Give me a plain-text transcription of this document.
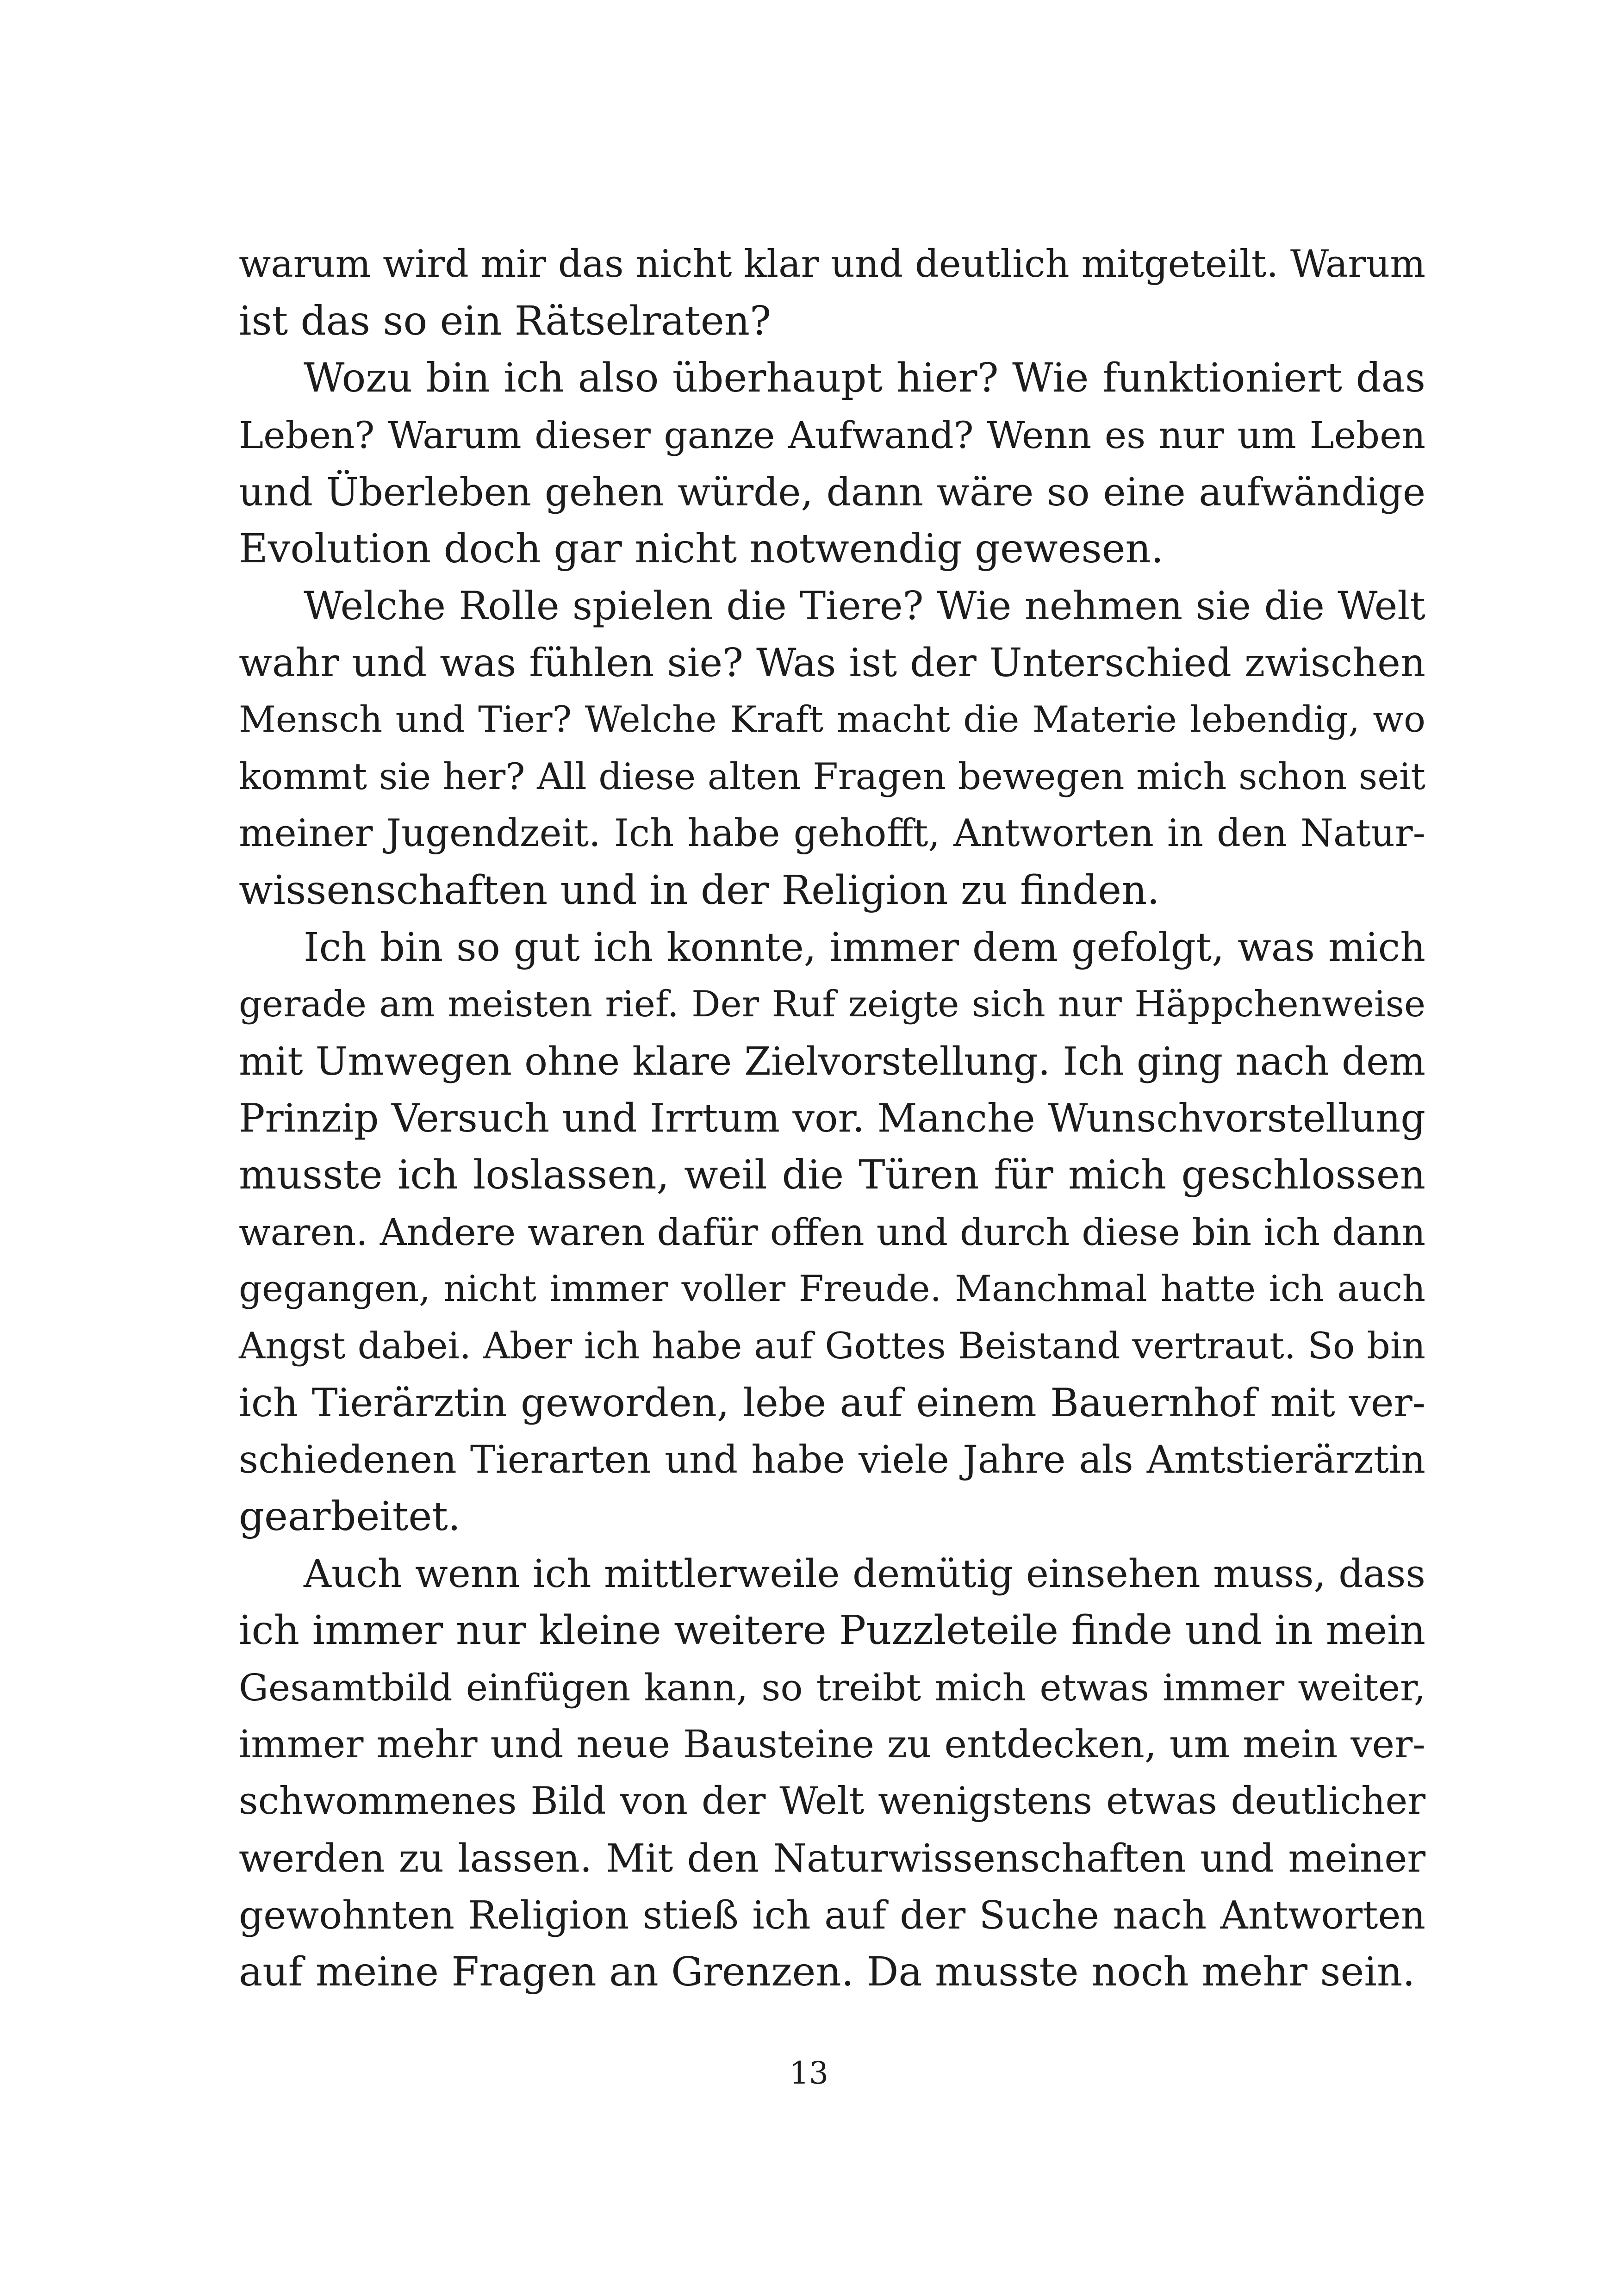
warum wird mir das nicht klar und deutlich mitgeteilt. Warum
ist das so ein Rätselraten?
Wozu bin ich also überhaupt hier? Wie funktioniert das
Leben? Warum dieser ganze Aufwand? Wenn es nur um Leben
und Überleben gehen würde, dann wäre so eine aufwändige
Evolution doch gar nicht notwendig gewesen.
Welche Rolle spielen die Tiere? Wie nehmen sie die Welt
wahr und was fühlen sie? Was ist der Unterschied zwischen
Mensch und Tier? Welche Kraft macht die Materie lebendig, wo
kommt sie her? All diese alten Fragen bewegen mich schon seit
meiner Jugendzeit. Ich habe gehofft, Antworten in den Natur-
wissenschaften und in der Religion zu finden.
Ich bin so gut ich konnte, immer dem gefolgt, was mich
gerade am meisten rief. Der Ruf zeigte sich nur Häppchenweise
mit Umwegen ohne klare Zielvorstellung. Ich ging nach dem
Prinzip Versuch und Irrtum vor. Manche Wunschvorstellung
musste ich loslassen, weil die Türen für mich geschlossen
waren. Andere waren dafür offen und durch diese bin ich dann
gegangen, nicht immer voller Freude. Manchmal hatte ich auch
Angst dabei. Aber ich habe auf Gottes Beistand vertraut. So bin
ich Tierärztin geworden, lebe auf einem Bauernhof mit ver-
schiedenen Tierarten und habe viele Jahre als Amtstierärztin
gearbeitet.
Auch wenn ich mittlerweile demütig einsehen muss, dass
ich immer nur kleine weitere Puzzleteile finde und in mein
Gesamtbild einfügen kann, so treibt mich etwas immer weiter,
immer mehr und neue Bausteine zu entdecken, um mein ver-
schwommenes Bild von der Welt wenigstens etwas deutlicher
werden zu lassen. Mit den Naturwissenschaften und meiner
gewohnten Religion stieß ich auf der Suche nach Antworten
auf meine Fragen an Grenzen. Da musste noch mehr sein.
13
